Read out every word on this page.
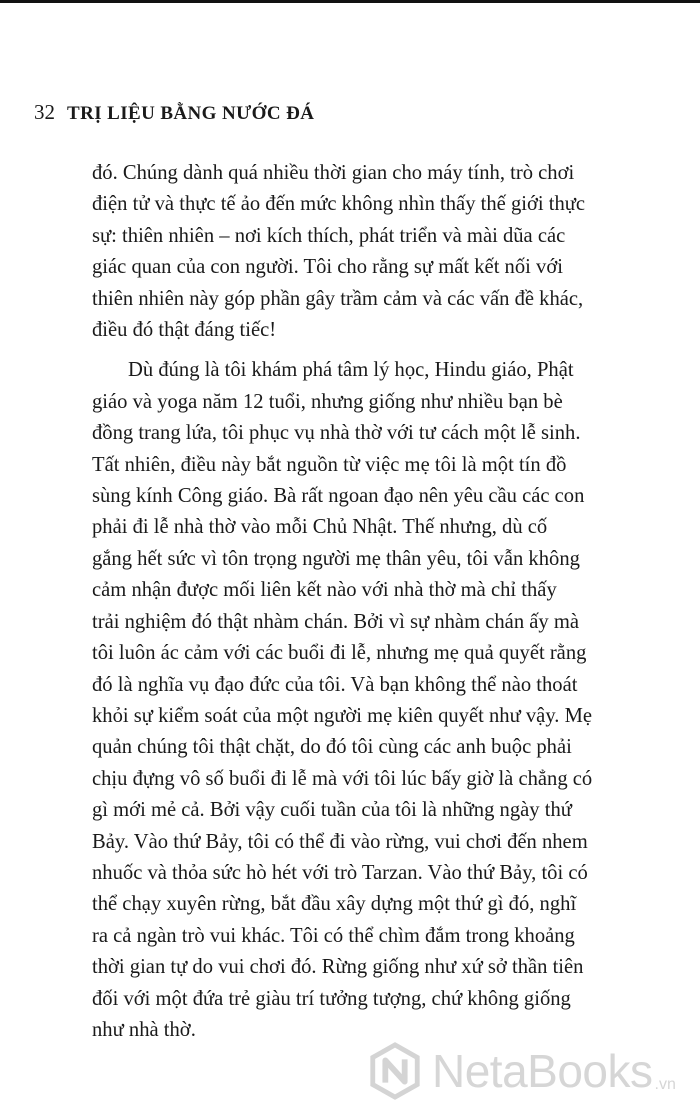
32 TRỊ LIỆU BẰNG NƯỚC ĐÁ

đó. Chúng dành quá nhiều thời gian cho máy tính, trò chơi
điện tử và thực tế ảo đến mức không nhìn thấy thế giới thực
sự: thiên nhiên – nơi kích thích, phát triển và mài dũa các
giác quan của con người. Tôi cho rằng sự mất kết nối với
thiên nhiên này góp phần gây trầm cảm và các vấn đề khác,
điều đó thật đáng tiếc!

Dù đúng là tôi khám phá tâm lý học, Hindu giáo, Phật
giáo và yoga năm 12 tuổi, nhưng giống như nhiều bạn bè
đồng trang lứa, tôi phục vụ nhà thờ với tư cách một lễ sinh.
Tất nhiên, điều này bắt nguồn từ việc mẹ tôi là một tín đồ
sùng kính Công giáo. Bà rất ngoan đạo nên yêu cầu các con
phải đi lễ nhà thờ vào mỗi Chủ Nhật. Thế nhưng, dù cố
gắng hết sức vì tôn trọng người mẹ thân yêu, tôi vẫn không
cảm nhận được mối liên kết nào với nhà thờ mà chỉ thấy
trải nghiệm đó thật nhàm chán. Bởi vì sự nhàm chán ấy mà
tôi luôn ác cảm với các buổi đi lễ, nhưng mẹ quả quyết rằng
đó là nghĩa vụ đạo đức của tôi. Và bạn không thể nào thoát
khỏi sự kiểm soát của một người mẹ kiên quyết như vậy. Mẹ
quản chúng tôi thật chặt, do đó tôi cùng các anh buộc phải
chịu đựng vô số buổi đi lễ mà với tôi lúc bấy giờ là chẳng có
gì mới mẻ cả. Bởi vậy cuối tuần của tôi là những ngày thứ
Bảy. Vào thứ Bảy, tôi có thể đi vào rừng, vui chơi đến nhem
nhuốc và thỏa sức hò hét với trò Tarzan. Vào thứ Bảy, tôi có
thể chạy xuyên rừng, bắt đầu xây dựng một thứ gì đó, nghĩ
ra cả ngàn trò vui khác. Tôi có thể chìm đắm trong khoảng
thời gian tự do vui chơi đó. Rừng giống như xứ sở thần tiên
đối với một đứa trẻ giàu trí tưởng tượng, chứ không giống
như nhà thờ.

NetaBooks .vn
